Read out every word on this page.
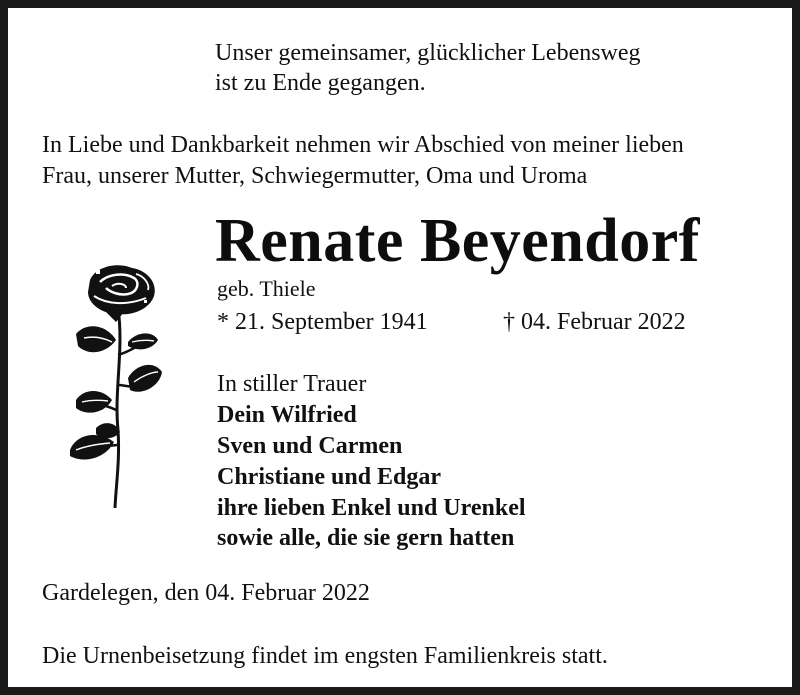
Unser gemeinsamer, glücklicher Lebensweg
ist zu Ende gegangen.
In Liebe und Dankbarkeit nehmen wir Abschied von meiner lieben
Frau, unserer Mutter, Schwiegermutter, Oma und Uroma
Renate Beyendorf
geb. Thiele
* 21. September 1941	† 04. Februar 2022
In stiller Trauer
Dein Wilfried
Sven und Carmen
Christiane und Edgar
ihre lieben Enkel und Urenkel
sowie alle, die sie gern hatten
Gardelegen, den 04. Februar 2022
Die Urnenbeisetzung findet im engsten Familienkreis statt.
